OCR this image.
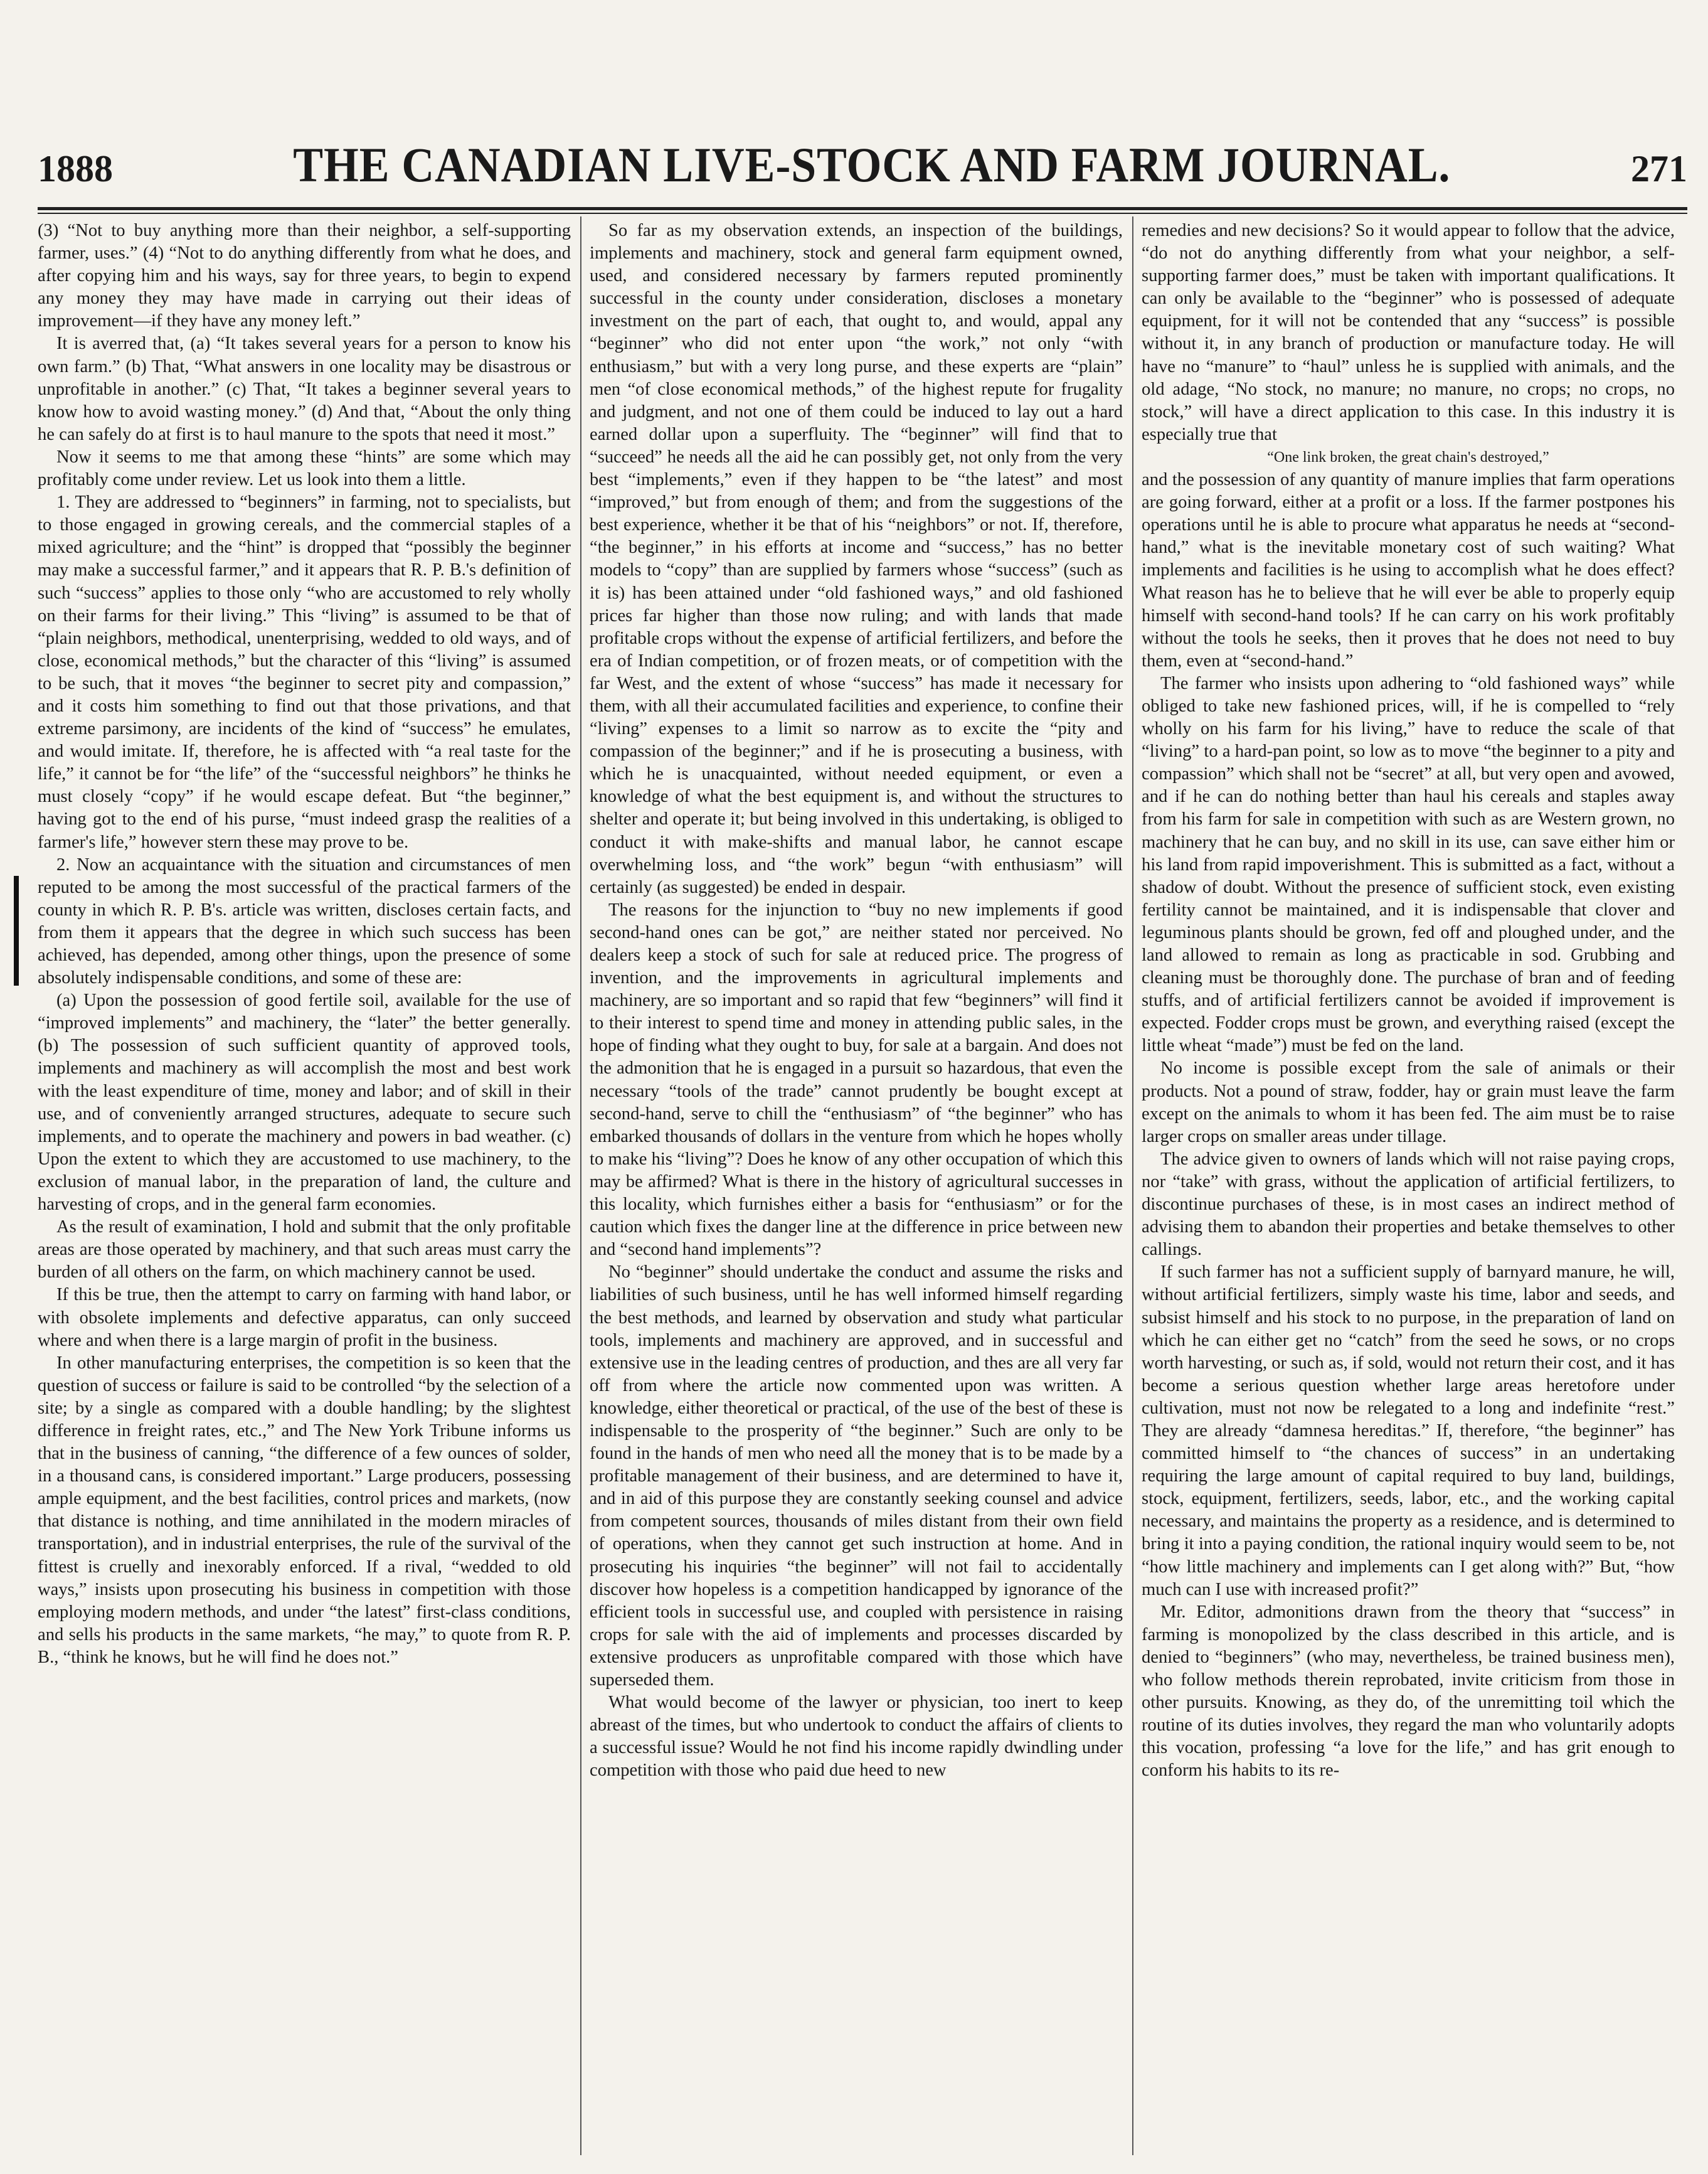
1888	THE CANADIAN LIVE-STOCK AND FARM JOURNAL.	271

(3) “Not to buy anything more than their neighbor, a self-supporting farmer, uses.” (4) “Not to do anything differently from what he does, and after copying him and his ways, say for three years, to begin to expend any money they may have made in carrying out their ideas of improvement—if they have any money left.”

It is averred that, (a) “It takes several years for a person to know his own farm.” (b) That, “What answers in one locality may be disastrous or unprofitable in another.” (c) That, “It takes a beginner several years to know how to avoid wasting money.” (d) And that, “About the only thing he can safely do at first is to haul manure to the spots that need it most.”

Now it seems to me that among these “hints” are some which may profitably come under review. Let us look into them a little.

1. They are addressed to “beginners” in farming, not to specialists, but to those engaged in growing cereals, and the commercial staples of a mixed agriculture; and the “hint” is dropped that “possibly the beginner may make a successful farmer,” and it appears that R. P. B.'s definition of such “success” applies to those only “who are accustomed to rely wholly on their farms for their living.” This “living” is assumed to be that of “plain neighbors, methodical, unenterprising, wedded to old ways, and of close, economical methods,” but the character of this “living” is assumed to be such, that it moves “the beginner to secret pity and compassion,” and it costs him something to find out that those privations, and that extreme parsimony, are incidents of the kind of “success” he emulates, and would imitate. If, therefore, he is affected with “a real taste for the life,” it cannot be for “the life” of the “successful neighbors” he thinks he must closely “copy” if he would escape defeat. But “the beginner,” having got to the end of his purse, “must indeed grasp the realities of a farmer's life,” however stern these may prove to be.

2. Now an acquaintance with the situation and circumstances of men reputed to be among the most successful of the practical farmers of the county in which R. P. B's. article was written, discloses certain facts, and from them it appears that the degree in which such success has been achieved, has depended, among other things, upon the presence of some absolutely indispensable conditions, and some of these are:

(a) Upon the possession of good fertile soil, available for the use of “improved implements” and machinery, the “later” the better generally. (b) The possession of such sufficient quantity of approved tools, implements and machinery as will accomplish the most and best work with the least expenditure of time, money and labor; and of skill in their use, and of conveniently arranged structures, adequate to secure such implements, and to operate the machinery and powers in bad weather. (c) Upon the extent to which they are accustomed to use machinery, to the exclusion of manual labor, in the preparation of land, the culture and harvesting of crops, and in the general farm economies.

As the result of examination, I hold and submit that the only profitable areas are those operated by machinery, and that such areas must carry the burden of all others on the farm, on which machinery cannot be used.

If this be true, then the attempt to carry on farming with hand labor, or with obsolete implements and defective apparatus, can only succeed where and when there is a large margin of profit in the business.

In other manufacturing enterprises, the competition is so keen that the question of success or failure is said to be controlled “by the selection of a site; by a single as compared with a double handling; by the slightest difference in freight rates, etc.,” and The New York Tribune informs us that in the business of canning, “the difference of a few ounces of solder, in a thousand cans, is considered important.” Large producers, possessing ample equipment, and the best facilities, control prices and markets, (now that distance is nothing, and time annihilated in the modern miracles of transportation), and in industrial enterprises, the rule of the survival of the fittest is cruelly and inexorably enforced. If a rival, “wedded to old ways,” insists upon prosecuting his business in competition with those employing modern methods, and under “the latest” first-class conditions, and sells his products in the same markets, “he may,” to quote from R. P. B., “think he knows, but he will find he does not.”

So far as my observation extends, an inspection of the buildings, implements and machinery, stock and general farm equipment owned, used, and considered necessary by farmers reputed prominently successful in the county under consideration, discloses a monetary investment on the part of each, that ought to, and would, appal any “beginner” who did not enter upon “the work,” not only “with enthusiasm,” but with a very long purse, and these experts are “plain” men “of close economical methods,” of the highest repute for frugality and judgment, and not one of them could be induced to lay out a hard earned dollar upon a superfluity. The “beginner” will find that to “succeed” he needs all the aid he can possibly get, not only from the very best “implements,” even if they happen to be “the latest” and most “improved,” but from enough of them; and from the suggestions of the best experience, whether it be that of his “neighbors” or not. If, therefore, “the beginner,” in his efforts at income and “success,” has no better models to “copy” than are supplied by farmers whose “success” (such as it is) has been attained under “old fashioned ways,” and old fashioned prices far higher than those now ruling; and with lands that made profitable crops without the expense of artificial fertilizers, and before the era of Indian competition, or of frozen meats, or of competition with the far West, and the extent of whose “success” has made it necessary for them, with all their accumulated facilities and experience, to confine their “living” expenses to a limit so narrow as to excite the “pity and compassion of the beginner;” and if he is prosecuting a business, with which he is unacquainted, without needed equipment, or even a knowledge of what the best equipment is, and without the structures to shelter and operate it; but being involved in this undertaking, is obliged to conduct it with make-shifts and manual labor, he cannot escape overwhelming loss, and “the work” begun “with enthusiasm” will certainly (as suggested) be ended in despair.

The reasons for the injunction to “buy no new implements if good second-hand ones can be got,” are neither stated nor perceived. No dealers keep a stock of such for sale at reduced price. The progress of invention, and the improvements in agricultural implements and machinery, are so important and so rapid that few “beginners” will find it to their interest to spend time and money in attending public sales, in the hope of finding what they ought to buy, for sale at a bargain. And does not the admonition that he is engaged in a pursuit so hazardous, that even the necessary “tools of the trade” cannot prudently be bought except at second-hand, serve to chill the “enthusiasm” of “the beginner” who has embarked thousands of dollars in the venture from which he hopes wholly to make his “living”? Does he know of any other occupation of which this may be affirmed? What is there in the history of agricultural successes in this locality, which furnishes either a basis for “enthusiasm” or for the caution which fixes the danger line at the difference in price between new and “second hand implements”?

No “beginner” should undertake the conduct and assume the risks and liabilities of such business, until he has well informed himself regarding the best methods, and learned by observation and study what particular tools, implements and machinery are approved, and in successful and extensive use in the leading centres of production, and thes are all very far off from where the article now commented upon was written. A knowledge, either theoretical or practical, of the use of the best of these is indispensable to the prosperity of “the beginner.” Such are only to be found in the hands of men who need all the money that is to be made by a profitable management of their business, and are determined to have it, and in aid of this purpose they are constantly seeking counsel and advice from competent sources, thousands of miles distant from their own field of operations, when they cannot get such instruction at home. And in prosecuting his inquiries “the beginner” will not fail to accidentally discover how hopeless is a competition handicapped by ignorance of the efficient tools in successful use, and coupled with persistence in raising crops for sale with the aid of implements and processes discarded by extensive producers as unprofitable compared with those which have superseded them.

What would become of the lawyer or physician, too inert to keep abreast of the times, but who undertook to conduct the affairs of clients to a successful issue? Would he not find his income rapidly dwindling under competition with those who paid due heed to new

remedies and new decisions? So it would appear to follow that the advice, “do not do anything differently from what your neighbor, a self-supporting farmer does,” must be taken with important qualifications. It can only be available to the “beginner” who is possessed of adequate equipment, for it will not be contended that any “success” is possible without it, in any branch of production or manufacture today. He will have no “manure” to “haul” unless he is supplied with animals, and the old adage, “No stock, no manure; no manure, no crops; no crops, no stock,” will have a direct application to this case. In this industry it is especially true that

“One link broken, the great chain's destroyed,”

and the possession of any quantity of manure implies that farm operations are going forward, either at a profit or a loss. If the farmer postpones his operations until he is able to procure what apparatus he needs at “second-hand,” what is the inevitable monetary cost of such waiting? What implements and facilities is he using to accomplish what he does effect? What reason has he to believe that he will ever be able to properly equip himself with second-hand tools? If he can carry on his work profitably without the tools he seeks, then it proves that he does not need to buy them, even at “second-hand.”

The farmer who insists upon adhering to “old fashioned ways” while obliged to take new fashioned prices, will, if he is compelled to “rely wholly on his farm for his living,” have to reduce the scale of that “living” to a hard-pan point, so low as to move “the beginner to a pity and compassion” which shall not be “secret” at all, but very open and avowed, and if he can do nothing better than haul his cereals and staples away from his farm for sale in competition with such as are Western grown, no machinery that he can buy, and no skill in its use, can save either him or his land from rapid impoverishment. This is submitted as a fact, without a shadow of doubt. Without the presence of sufficient stock, even existing fertility cannot be maintained, and it is indispensable that clover and leguminous plants should be grown, fed off and ploughed under, and the land allowed to remain as long as practicable in sod. Grubbing and cleaning must be thoroughly done. The purchase of bran and of feeding stuffs, and of artificial fertilizers cannot be avoided if improvement is expected. Fodder crops must be grown, and everything raised (except the little wheat “made”) must be fed on the land.

No income is possible except from the sale of animals or their products. Not a pound of straw, fodder, hay or grain must leave the farm except on the animals to whom it has been fed. The aim must be to raise larger crops on smaller areas under tillage.

The advice given to owners of lands which will not raise paying crops, nor “take” with grass, without the application of artificial fertilizers, to discontinue purchases of these, is in most cases an indirect method of advising them to abandon their properties and betake themselves to other callings.

If such farmer has not a sufficient supply of barnyard manure, he will, without artificial fertilizers, simply waste his time, labor and seeds, and subsist himself and his stock to no purpose, in the preparation of land on which he can either get no “catch” from the seed he sows, or no crops worth harvesting, or such as, if sold, would not return their cost, and it has become a serious question whether large areas heretofore under cultivation, must not now be relegated to a long and indefinite “rest.” They are already “damnesa hereditas.” If, therefore, “the beginner” has committed himself to “the chances of success” in an undertaking requiring the large amount of capital required to buy land, buildings, stock, equipment, fertilizers, seeds, labor, etc., and the working capital necessary, and maintains the property as a residence, and is determined to bring it into a paying condition, the rational inquiry would seem to be, not “how little machinery and implements can I get along with?” But, “how much can I use with increased profit?”

Mr. Editor, admonitions drawn from the theory that “success” in farming is monopolized by the class described in this article, and is denied to “beginners” (who may, nevertheless, be trained business men), who follow methods therein reprobated, invite criticism from those in other pursuits. Knowing, as they do, of the unremitting toil which the routine of its duties involves, they regard the man who voluntarily adopts this vocation, professing “a love for the life,” and has grit enough to conform his habits to its re-
